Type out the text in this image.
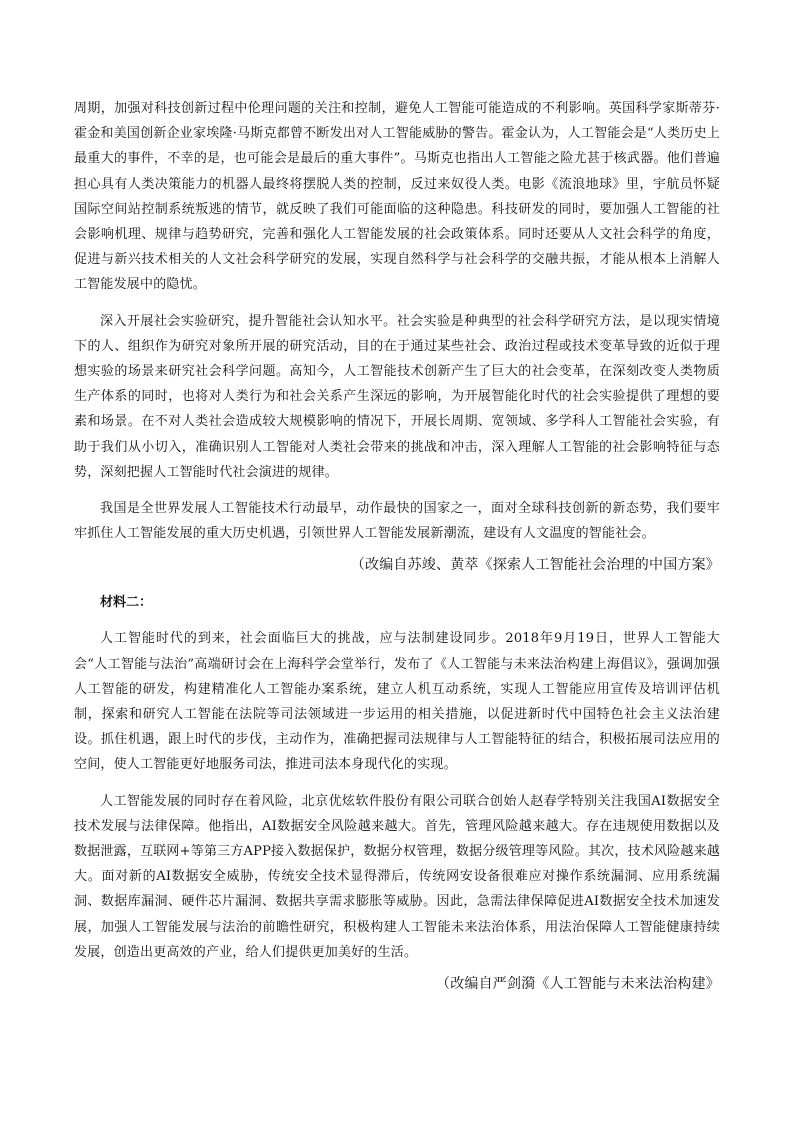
周期，加强对科技创新过程中伦理问题的关注和控制，避免人工智能可能造成的不利影响。英国科学家斯蒂芬·霍金和美国创新企业家埃隆·马斯克都曾不断发出对人工智能威胁的警告。霍金认为，人工智能会是“人类历史上最重大的事件，不幸的是，也可能会是最后的重大事件”。马斯克也指出人工智能之险尤甚于核武器。他们普遍担心具有人类决策能力的机器人最终将摆脱人类的控制，反过来奴役人类。电影《流浪地球》里，宇航员怀疑国际空间站控制系统叛逃的情节，就反映了我们可能面临的这种隐患。科技研发的同时，要加强人工智能的社会影响机理、规律与趋势研究，完善和强化人工智能发展的社会政策体系。同时还要从人文社会科学的角度，促进与新兴技术相关的人文社会科学研究的发展，实现自然科学与社会科学的交融共振，才能从根本上消解人工智能发展中的隐忧。

深入开展社会实验研究，提升智能社会认知水平。社会实验是种典型的社会科学研究方法，是以现实情境下的人、组织作为研究对象所开展的研究活动，目的在于通过某些社会、政治过程或技术变革导致的近似于理想实验的场景来研究社会科学问题。高知今，人工智能技术创新产生了巨大的社会变革，在深刻改变人类物质生产体系的同时，也将对人类行为和社会关系产生深远的影响，为开展智能化时代的社会实验提供了理想的要素和场景。在不对人类社会造成较大规模影响的情况下，开展长周期、宽领域、多学科人工智能社会实验，有助于我们从小切入，准确识别人工智能对人类社会带来的挑战和冲击，深入理解人工智能的社会影响特征与态势，深刻把握人工智能时代社会演进的规律。

我国是全世界发展人工智能技术行动最早，动作最快的国家之一，面对全球科技创新的新态势，我们要牢牢抓住人工智能发展的重大历史机遇，引领世界人工智能发展新潮流，建设有人文温度的智能社会。

（改编自苏竣、黄萃《探索人工智能社会治理的中国方案》

材料二：

人工智能时代的到来，社会面临巨大的挑战，应与法制建设同步。2018年9月19日，世界人工智能大会“人工智能与法治”高端研讨会在上海科学会堂举行，发布了《人工智能与未来法治构建上海倡议》，强调加强人工智能的研发，构建精准化人工智能办案系统，建立人机互动系统，实现人工智能应用宣传及培训评估机制，探索和研究人工智能在法院等司法领域进一步运用的相关措施，以促进新时代中国特色社会主义法治建设。抓住机遇，跟上时代的步伐，主动作为，准确把握司法规律与人工智能特征的结合，积极拓展司法应用的空间，使人工智能更好地服务司法，推进司法本身现代化的实现。

人工智能发展的同时存在着风险，北京优炫软件股份有限公司联合创始人赵春学特别关注我国AI数据安全技术发展与法律保障。他指出，AI数据安全风险越来越大。首先，管理风险越来越大。存在违规使用数据以及数据泄露，互联网+等第三方APP接入数据保护，数据分权管理，数据分级管理等风险。其次，技术风险越来越大。面对新的AI数据安全威胁，传统安全技术显得滞后，传统网安设备很难应对操作系统漏洞、应用系统漏洞、数据库漏洞、硬件芯片漏洞、数据共享需求膨胀等威胁。因此，急需法律保障促进AI数据安全技术加速发展，加强人工智能发展与法治的前瞻性研究，积极构建人工智能未来法治体系，用法治保障人工智能健康持续发展，创造出更高效的产业，给人们提供更加美好的生活。

（改编自严剑漪《人工智能与未来法治构建》
